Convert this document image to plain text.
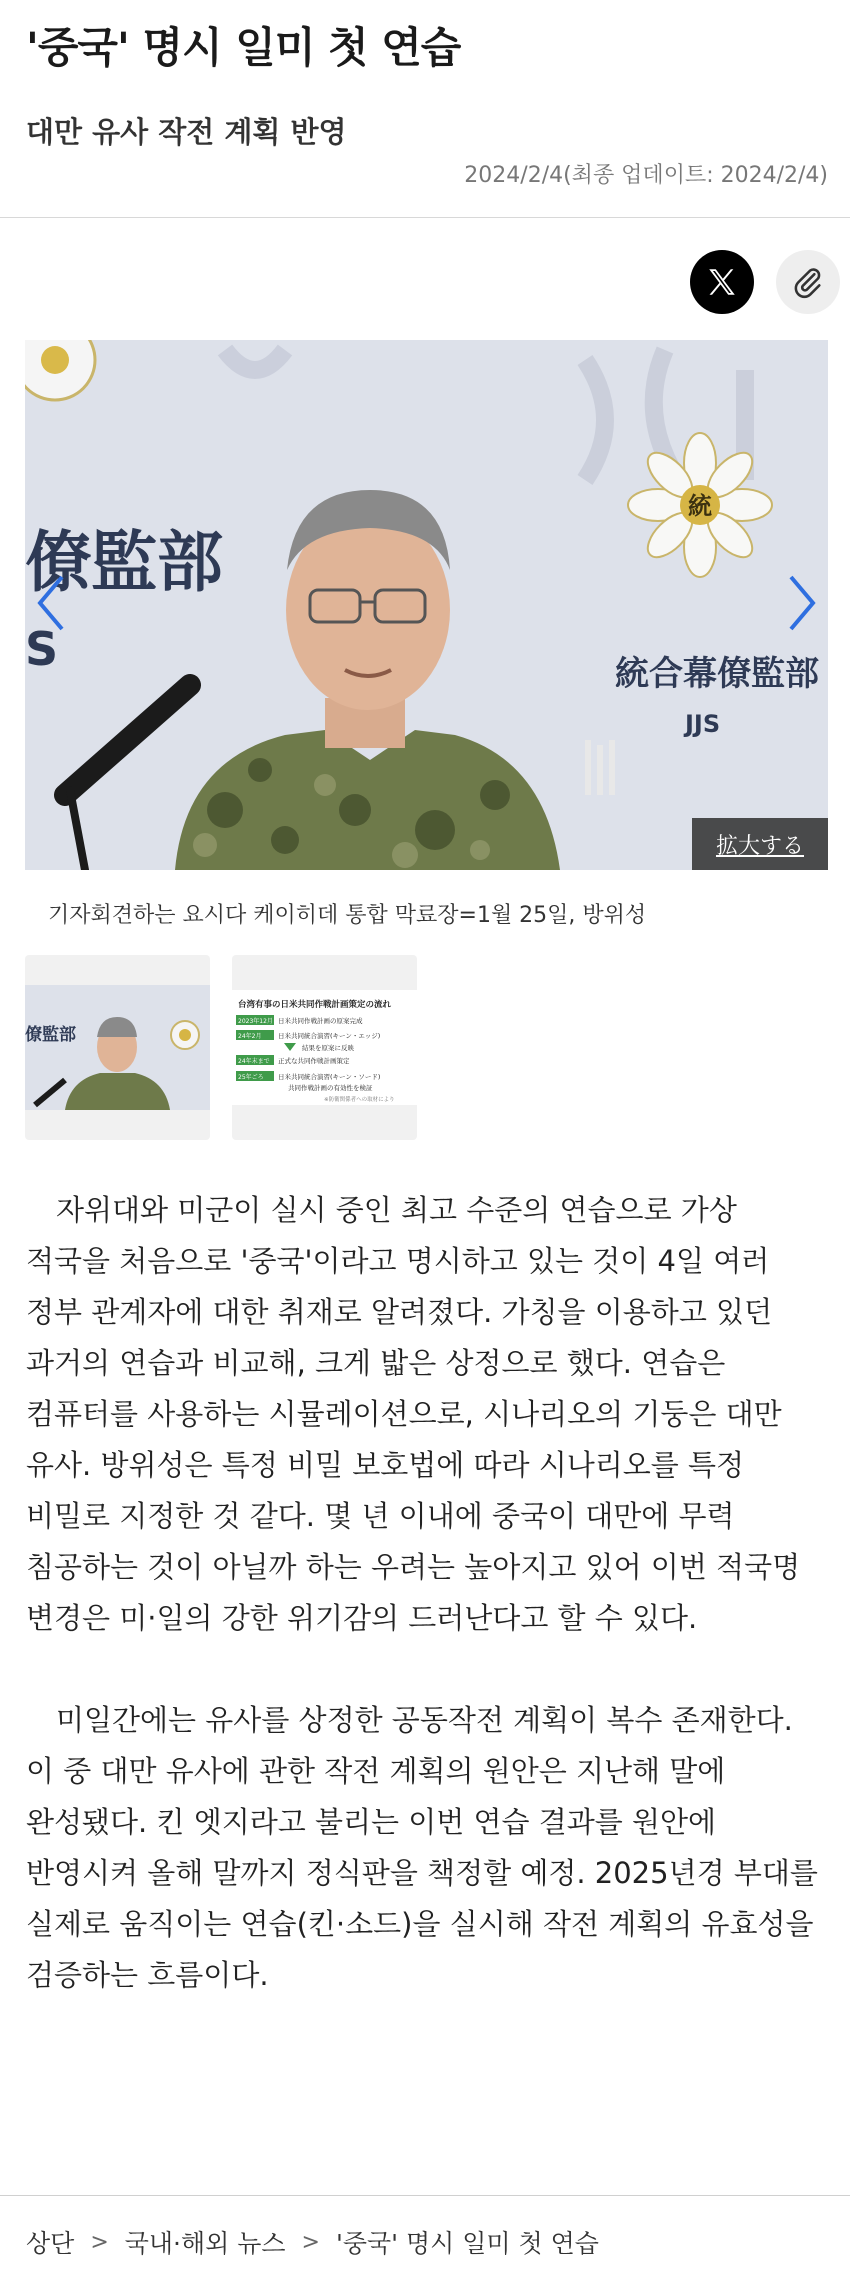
'중국' 명시 일미 첫 연습
대만 유사 작전 계획 반영
2024/2/4(최종 업데이트: 2024/2/4)
僚監部
S
統
統合幕僚監部
JJS
拡大する
기자회견하는 요시다 케이히데 통합 막료장=1월 25일, 방위성
僚監部
台湾有事の日米共同作戦計画策定の流れ
2023年12月 日米共同作戦計画の原案完成
24年2月	日米共同統合演習(キーン・エッジ)
結果を原案に反映
24年末まで 正式な共同作戦計画策定
25年ごろ 日米共同統合演習(キーン・ソード)
共同作戦計画の有効性を検証
※防衛関係者への取材により

자위대와 미군이 실시 중인 최고 수준의 연습으로 가상 적국을 처음으로 '중국'이라고 명시하고 있는 것이 4일 여러 정부 관계자에 대한 취재로 알려졌다. 가칭을 이용하고 있던 과거의 연습과 비교해, 크게 밟은 상정으로 했다. 연습은 컴퓨터를 사용하는 시뮬레이션으로, 시나리오의 기둥은 대만 유사. 방위성은 특정 비밀 보호법에 따라 시나리오를 특정 비밀로 지정한 것 같다. 몇 년 이내에 중국이 대만에 무력 침공하는 것이 아닐까 하는 우려는 높아지고 있어 이번 적국명 변경은 미·일의 강한 위기감의 드러난다고 할 수 있다.

미일간에는 유사를 상정한 공동작전 계획이 복수 존재한다. 이 중 대만 유사에 관한 작전 계획의 원안은 지난해 말에 완성됐다. 킨 엣지라고 불리는 이번 연습 결과를 원안에 반영시켜 올해 말까지 정식판을 책정할 예정. 2025년경 부대를 실제로 움직이는 연습(킨·소드)을 실시해 작전 계획의 유효성을 검증하는 흐름이다.

상단 > 국내·해외 뉴스 > '중국' 명시 일미 첫 연습
